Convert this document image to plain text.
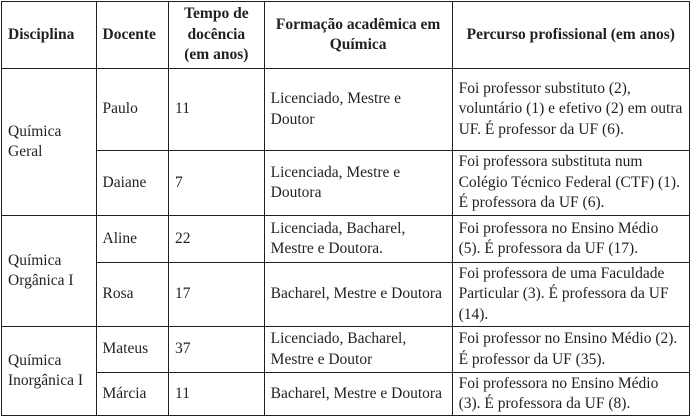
Disciplina	Docente	Tempo de docência (em anos)	Formação acadêmica em Química	Percurso profissional (em anos)
Química Geral	Paulo	11	Licenciado, Mestre e Doutor	Foi professor substituto (2), voluntário (1) e efetivo (2) em outra UF. É professor da UF (6).
	Daiane	7	Licenciada, Mestre e Doutora	Foi professora substituta num Colégio Técnico Federal (CTF) (1). É professora da UF (6).
Química Orgânica I	Aline	22	Licenciada, Bacharel, Mestre e Doutora.	Foi professora no Ensino Médio (5). É professora da UF (17).
	Rosa	17	Bacharel, Mestre e Doutora	Foi professora de uma Faculdade Particular (3). É professora da UF (14).
Química Inorgânica I	Mateus	37	Licenciado, Bacharel, Mestre e Doutor	Foi professor no Ensino Médio (2). É professor da UF (35).
	Márcia	11	Bacharel, Mestre e Doutora	Foi professora no Ensino Médio (3). É professora da UF (8).
